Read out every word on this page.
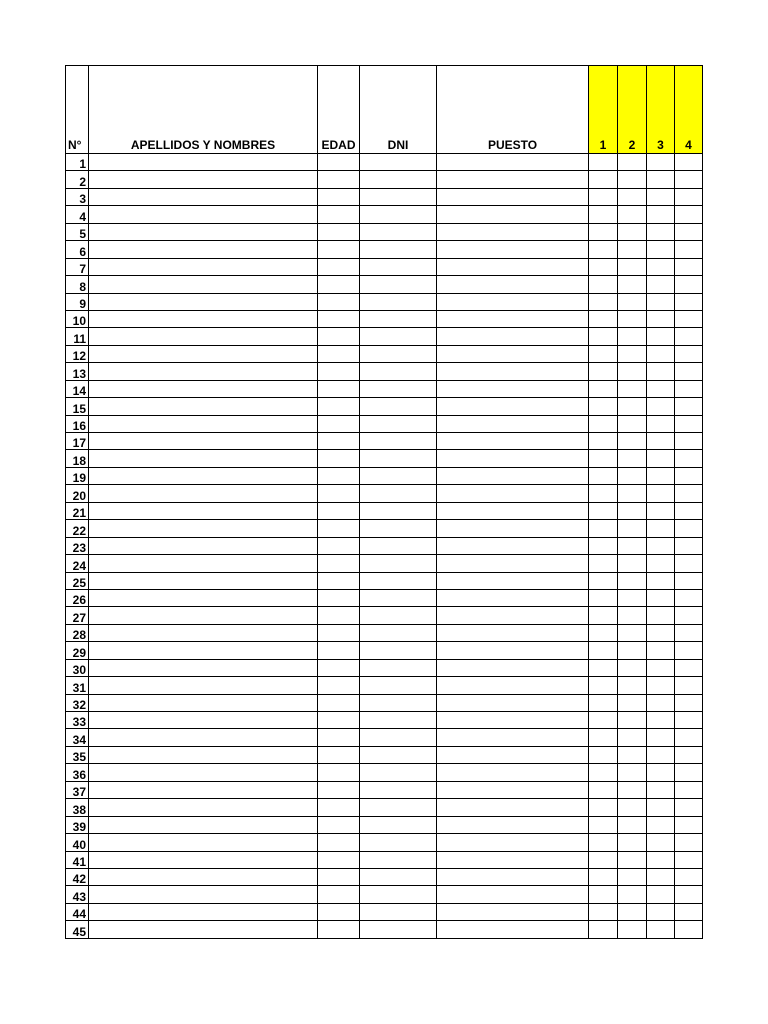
N°	APELLIDOS Y NOMBRES	EDAD	DNI	PUESTO	1	2	3	4
1								
2								
3								
4								
5								
6								
7								
8								
9								
10								
11								
12								
13								
14								
15								
16								
17								
18								
19								
20								
21								
22								
23								
24								
25								
26								
27								
28								
29								
30								
31								
32								
33								
34								
35								
36								
37								
38								
39								
40								
41								
42								
43								
44								
45								
